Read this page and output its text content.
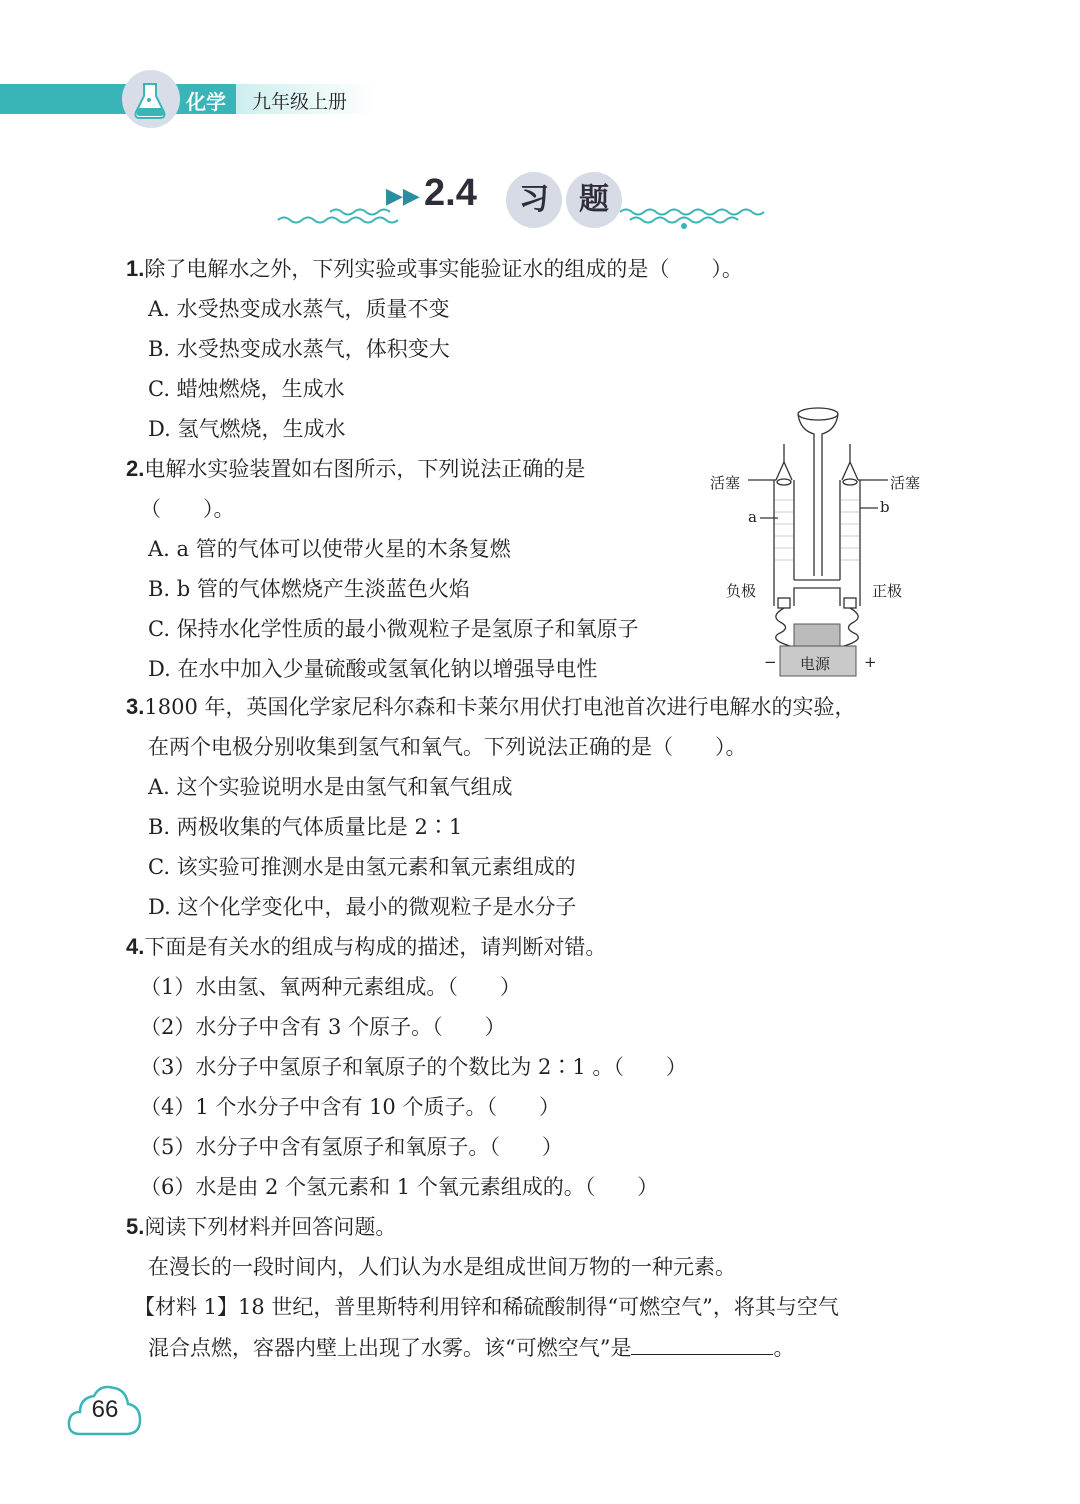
化学 九年级上册
▶▶ 2.4	习	题
1.除了电解水之外，下列实验或事实能验证水的组成的是（　　）。
A. 水受热变成水蒸气，质量不变
B. 水受热变成水蒸气，体积变大
C. 蜡烛燃烧，生成水
D. 氢气燃烧，生成水
2.电解水实验装置如右图所示，下列说法正确的是
（　　）。
A. a 管的气体可以使带火星的木条复燃
B. b 管的气体燃烧产生淡蓝色火焰
C. 保持水化学性质的最小微观粒子是氢原子和氧原子
D. 在水中加入少量硫酸或氢氧化钠以增强导电性
活塞	活塞
a
b
负极	正极
电源
−	+
3.1800 年，英国化学家尼科尔森和卡莱尔用伏打电池首次进行电解水的实验，
在两个电极分别收集到氢气和氧气。下列说法正确的是（　　）。
A. 这个实验说明水是由氢气和氧气组成
B. 两极收集的气体质量比是 2∶1
C. 该实验可推测水是由氢元素和氧元素组成的
D. 这个化学变化中，最小的微观粒子是水分子
4.下面是有关水的组成与构成的描述，请判断对错。
（1）水由氢、氧两种元素组成。（　　）
（2）水分子中含有 3 个原子。（　　）
（3）水分子中氢原子和氧原子的个数比为 2∶1 。（　　）
（4）1 个水分子中含有 10 个质子。（　　）
（5）水分子中含有氢原子和氧原子。（　　）
（6）水是由 2 个氢元素和 1 个氧元素组成的。（　　）
5.阅读下列材料并回答问题。
在漫长的一段时间内，人们认为水是组成世间万物的一种元素。
【材料 1】18 世纪，普里斯特利用锌和稀硫酸制得“可燃空气”，将其与空气
混合点燃，容器内壁上出现了水雾。该“可燃空气”是	。
66
